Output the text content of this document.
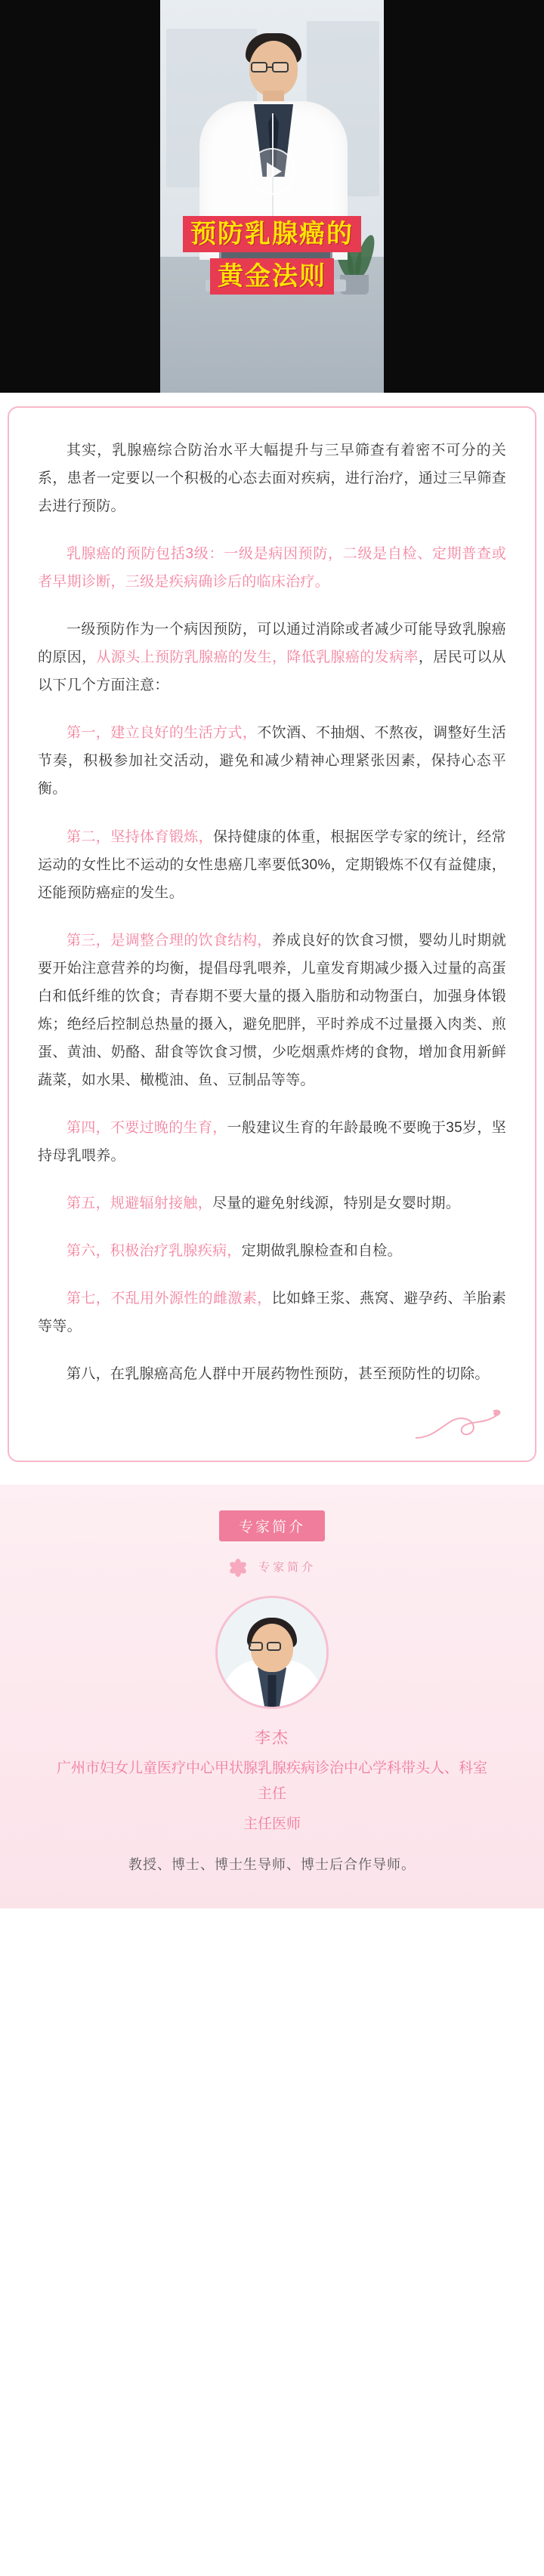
预防乳腺癌的
黄金法则

其实，乳腺癌综合防治水平大幅提升与三早筛查有着密不可分的关系，患者一定要以一个积极的心态去面对疾病，进行治疗，通过三早筛查去进行预防。

乳腺癌的预防包括3级：一级是病因预防，二级是自检、定期普查或者早期诊断，三级是疾病确诊后的临床治疗。

一级预防作为一个病因预防，可以通过消除或者减少可能导致乳腺癌的原因，从源头上预防乳腺癌的发生，降低乳腺癌的发病率，居民可以从以下几个方面注意：

第一，建立良好的生活方式，不饮酒、不抽烟、不熬夜，调整好生活节奏，积极参加社交活动，避免和减少精神心理紧张因素，保持心态平衡。

第二，坚持体育锻炼，保持健康的体重，根据医学专家的统计，经常运动的女性比不运动的女性患癌几率要低30%，定期锻炼不仅有益健康，还能预防癌症的发生。

第三，是调整合理的饮食结构，养成良好的饮食习惯，婴幼儿时期就要开始注意营养的均衡，提倡母乳喂养，儿童发育期减少摄入过量的高蛋白和低纤维的饮食；青春期不要大量的摄入脂肪和动物蛋白，加强身体锻炼；绝经后控制总热量的摄入，避免肥胖，平时养成不过量摄入肉类、煎蛋、黄油、奶酪、甜食等饮食习惯，少吃烟熏炸烤的食物，增加食用新鲜蔬菜，如水果、橄榄油、鱼、豆制品等等。

第四，不要过晚的生育，一般建议生育的年龄最晚不要晚于35岁，坚持母乳喂养。

第五，规避辐射接触，尽量的避免射线源，特别是女婴时期。

第六，积极治疗乳腺疾病，定期做乳腺检查和自检。

第七，不乱用外源性的雌激素，比如蜂王浆、燕窝、避孕药、羊胎素等等。

第八，在乳腺癌高危人群中开展药物性预防，甚至预防性的切除。

专家简介
专家简介
李杰
广州市妇女儿童医疗中心甲状腺乳腺疾病诊治中心学科带头人、科室主任
主任医师
教授、博士、博士生导师、博士后合作导师。
